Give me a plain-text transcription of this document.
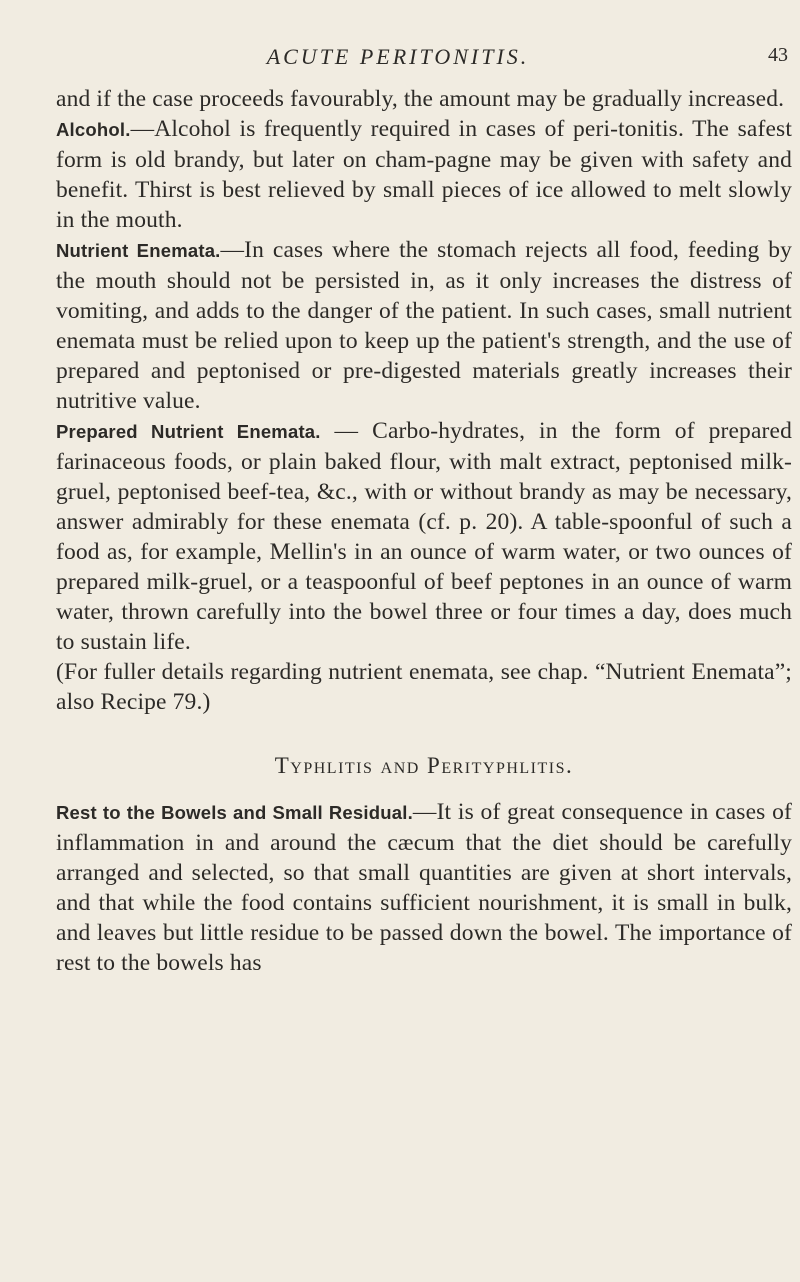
ACUTE PERITONITIS.	43

and if the case proceeds favourably, the amount may be gradually increased.

Alcohol.—Alcohol is frequently required in cases of peri-tonitis. The safest form is old brandy, but later on cham-pagne may be given with safety and benefit. Thirst is best relieved by small pieces of ice allowed to melt slowly in the mouth.

Nutrient Enemata.—In cases where the stomach rejects all food, feeding by the mouth should not be persisted in, as it only increases the distress of vomiting, and adds to the danger of the patient. In such cases, small nutrient enemata must be relied upon to keep up the patient's strength, and the use of prepared and peptonised or pre-digested materials greatly increases their nutritive value.

Prepared Nutrient Enemata. — Carbo-hydrates, in the form of prepared farinaceous foods, or plain baked flour, with malt extract, peptonised milk-gruel, peptonised beef-tea, &c., with or without brandy as may be necessary, answer admirably for these enemata (cf. p. 20). A table-spoonful of such a food as, for example, Mellin's in an ounce of warm water, or two ounces of prepared milk-gruel, or a teaspoonful of beef peptones in an ounce of warm water, thrown carefully into the bowel three or four times a day, does much to sustain life.

(For fuller details regarding nutrient enemata, see chap. “Nutrient Enemata”; also Recipe 79.)

Typhlitis and Perityphlitis.

Rest to the Bowels and Small Residual.—It is of great consequence in cases of inflammation in and around the cæcum that the diet should be carefully arranged and selected, so that small quantities are given at short intervals, and that while the food contains sufficient nourishment, it is small in bulk, and leaves but little residue to be passed down the bowel. The importance of rest to the bowels has
